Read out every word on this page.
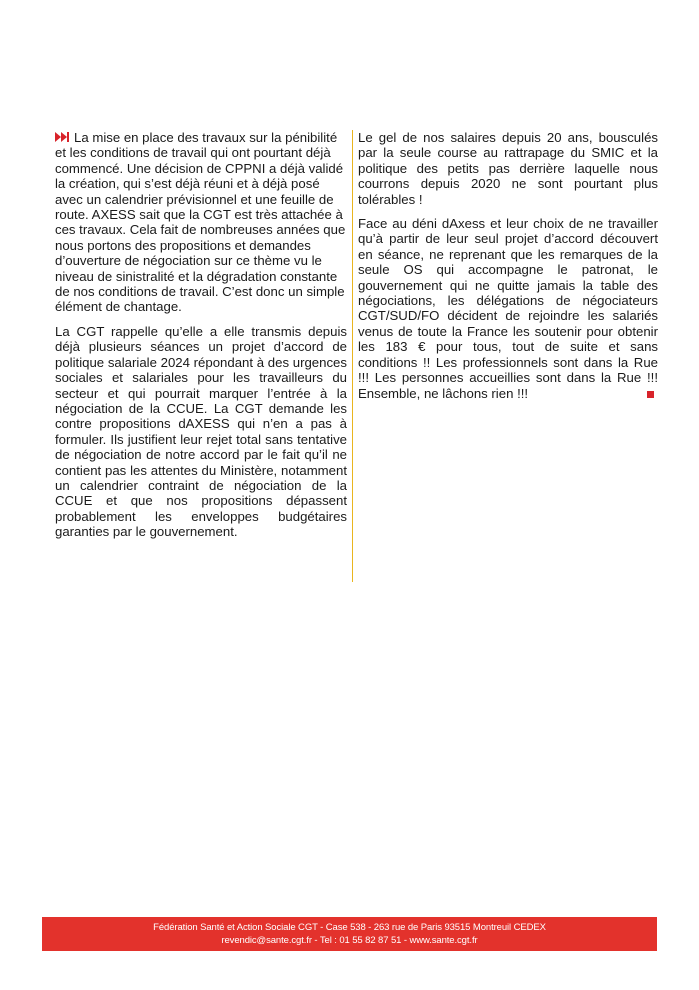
La mise en place des travaux sur la pénibilité et les conditions de travail qui ont pourtant déjà commencé. Une décision de CPPNI a déjà validé la création, qui s’est déjà réuni et à déjà posé avec un calendrier prévisionnel et une feuille de route. AXESS sait que la CGT est très attachée à ces travaux. Cela fait de nombreuses années que nous portons des propositions et demandes d’ouverture de négociation sur ce thème vu le niveau de sinistralité et la dégradation constante de nos conditions de travail. C’est donc un simple élément de chantage.

La CGT rappelle qu’elle a elle transmis depuis déjà plusieurs séances un projet d’accord de politique salariale 2024 répondant à des urgences sociales et salariales pour les travailleurs du secteur et qui pourrait marquer l’entrée à la négociation de la CCUE. La CGT demande les contre propositions dAXESS qui n’en a pas à formuler. Ils justifient leur rejet total sans tentative de négociation de notre accord par le fait qu’il ne contient pas les attentes du Ministère, notamment un calendrier contraint de négociation de la CCUE et que nos propositions dépassent probablement les enveloppes budgétaires garanties par le gouvernement.

Le gel de nos salaires depuis 20 ans, bousculés par la seule course au rattrapage du SMIC et la politique des petits pas derrière laquelle nous courrons depuis 2020 ne sont pourtant plus tolérables !

Face au déni dAxess et leur choix de ne travailler qu’à partir de leur seul projet d’accord découvert en séance, ne reprenant que les remarques de la seule OS qui accompagne le patronat, le gouvernement qui ne quitte jamais la table des négociations, les délégations de négociateurs CGT/SUD/FO décident de rejoindre les salariés venus de toute la France les soutenir pour obtenir les 183 € pour tous, tout de suite et sans conditions !! Les professionnels sont dans la Rue !!! Les personnes accueillies sont dans la Rue !!! Ensemble, ne lâchons rien !!!

Fédération Santé et Action Sociale CGT - Case 538 - 263 rue de Paris 93515 Montreuil CEDEX
revendic@sante.cgt.fr - Tel : 01 55 82 87 51 - www.sante.cgt.fr
